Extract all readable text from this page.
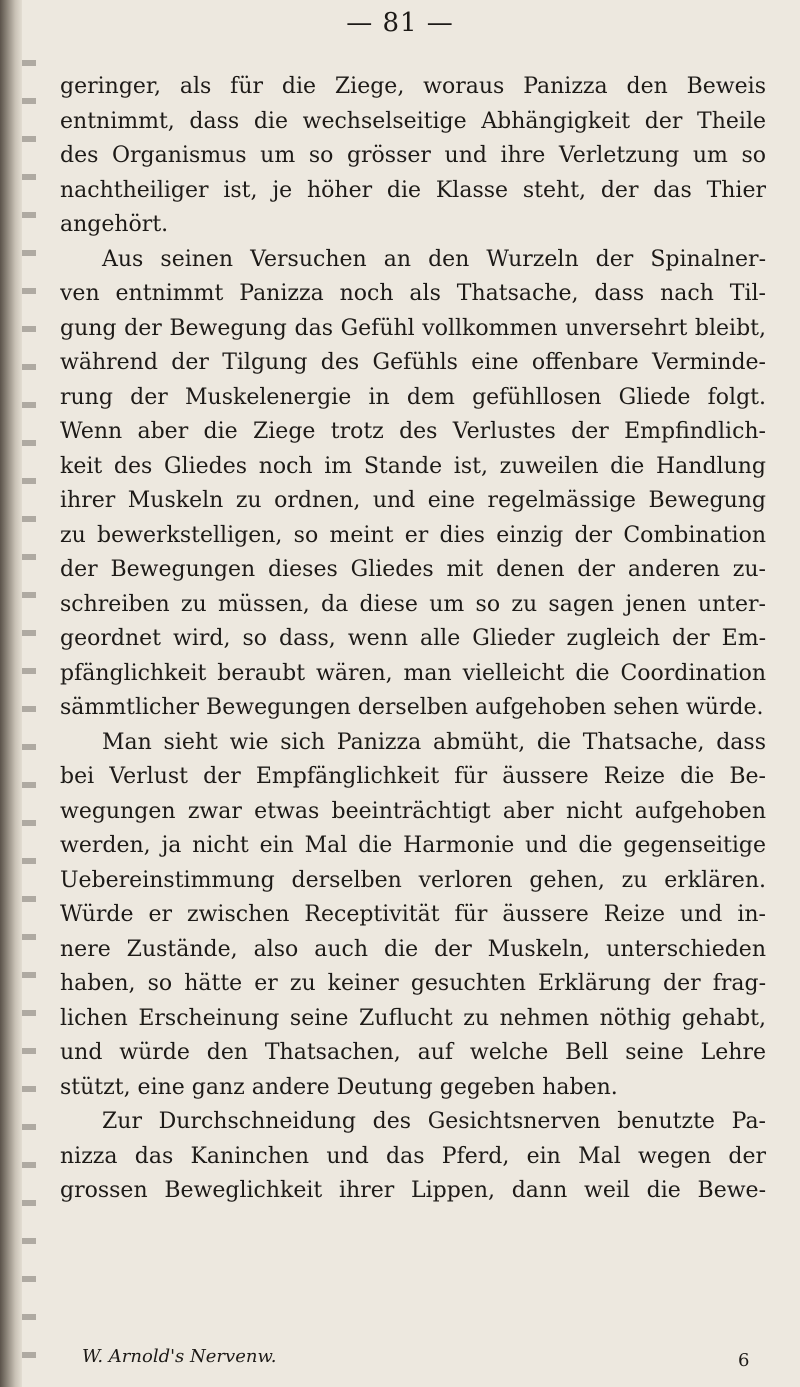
— 81 —
geringer, als für die Ziege, woraus Panizza den Beweis
entnimmt, dass die wechselseitige Abhängigkeit der Theile
des Organismus um so grösser und ihre Verletzung um so
nachtheiliger ist, je höher die Klasse steht, der das Thier
angehört.
Aus seinen Versuchen an den Wurzeln der Spinalner-
ven entnimmt Panizza noch als Thatsache, dass nach Til-
gung der Bewegung das Gefühl vollkommen unversehrt bleibt,
während der Tilgung des Gefühls eine offenbare Verminde-
rung der Muskelenergie in dem gefühllosen Gliede folgt.
Wenn aber die Ziege trotz des Verlustes der Empfindlich-
keit des Gliedes noch im Stande ist, zuweilen die Handlung
ihrer Muskeln zu ordnen, und eine regelmässige Bewegung
zu bewerkstelligen, so meint er dies einzig der Combination
der Bewegungen dieses Gliedes mit denen der anderen zu-
schreiben zu müssen, da diese um so zu sagen jenen unter-
geordnet wird, so dass, wenn alle Glieder zugleich der Em-
pfänglichkeit beraubt wären, man vielleicht die Coordination
sämmtlicher Bewegungen derselben aufgehoben sehen würde.
Man sieht wie sich Panizza abmüht, die Thatsache, dass
bei Verlust der Empfänglichkeit für äussere Reize die Be-
wegungen zwar etwas beeinträchtigt aber nicht aufgehoben
werden, ja nicht ein Mal die Harmonie und die gegenseitige
Uebereinstimmung derselben verloren gehen, zu erklären.
Würde er zwischen Receptivität für äussere Reize und in-
nere Zustände, also auch die der Muskeln, unterschieden
haben, so hätte er zu keiner gesuchten Erklärung der frag-
lichen Erscheinung seine Zuflucht zu nehmen nöthig gehabt,
und würde den Thatsachen, auf welche Bell seine Lehre
stützt, eine ganz andere Deutung gegeben haben.
Zur Durchschneidung des Gesichtsnerven benutzte Pa-
nizza das Kaninchen und das Pferd, ein Mal wegen der
grossen Beweglichkeit ihrer Lippen, dann weil die Bewe-
W. Arnold's Nervenw.	6
